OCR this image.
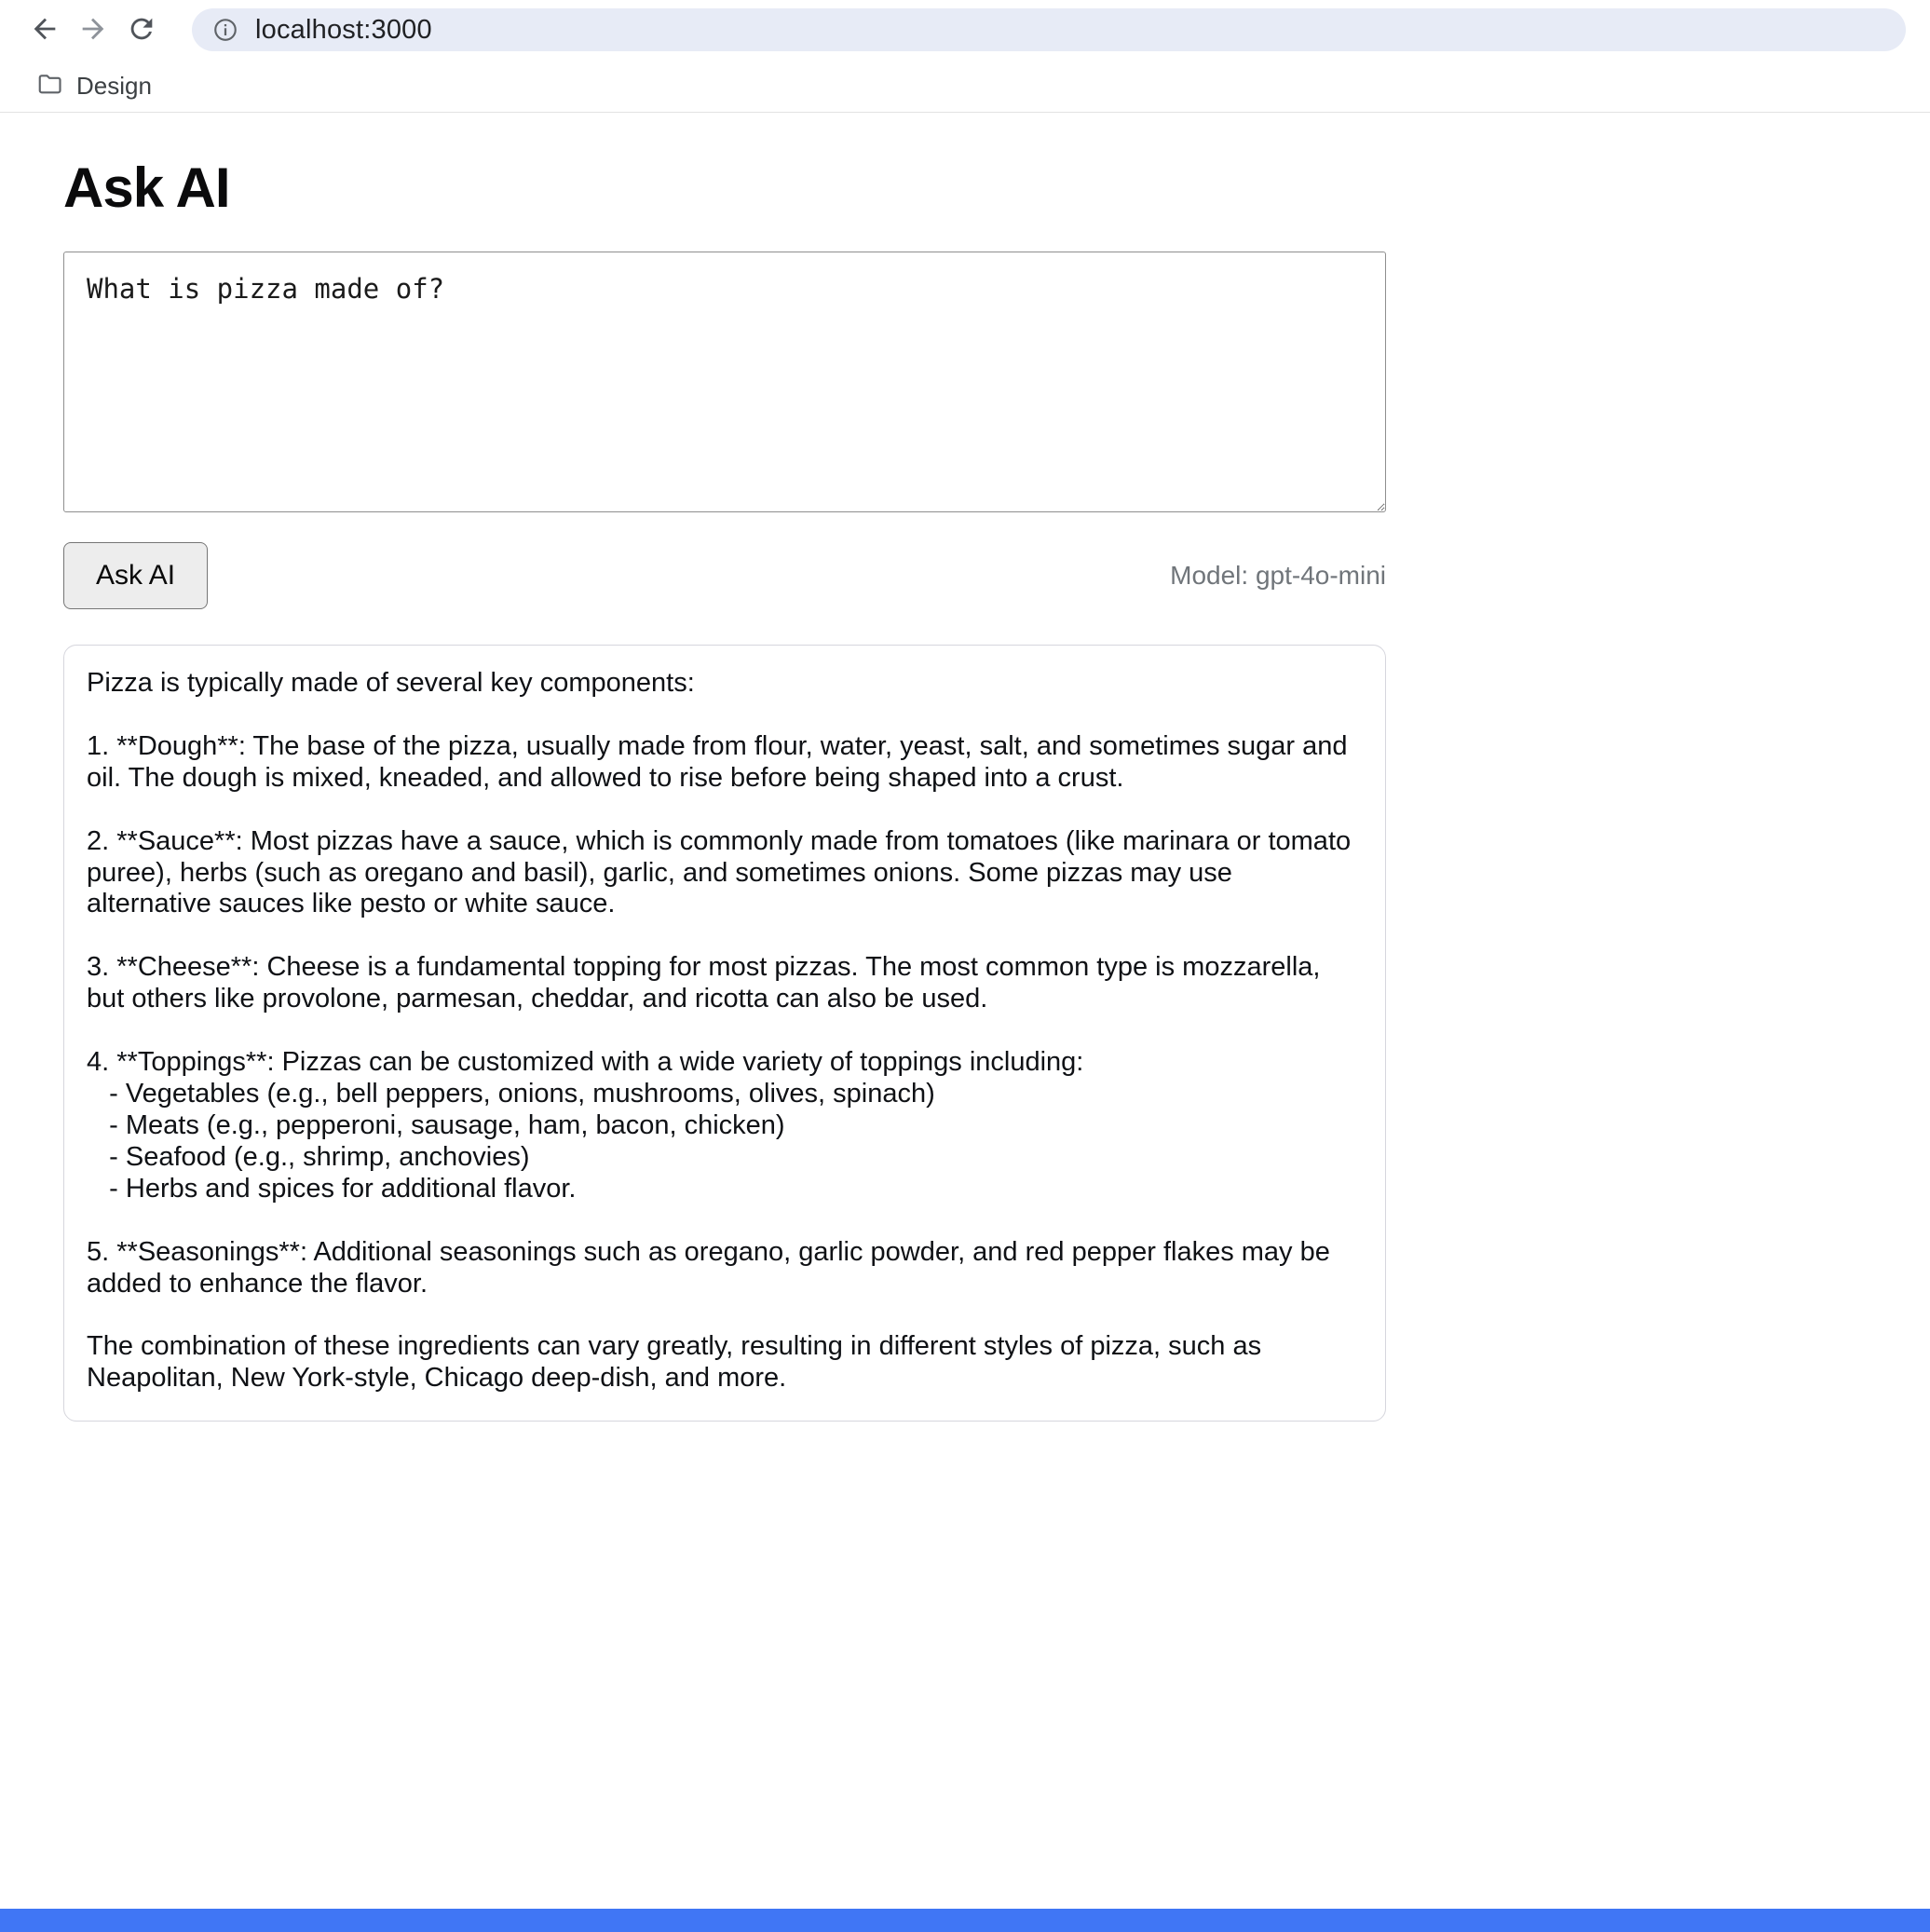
localhost:3000
Design
Ask AI
What is pizza made of?
Ask AI	Model: gpt-4o-mini
Pizza is typically made of several key components:

1. **Dough**: The base of the pizza, usually made from flour, water, yeast, salt, and sometimes sugar and oil. The dough is mixed, kneaded, and allowed to rise before being shaped into a crust.

2. **Sauce**: Most pizzas have a sauce, which is commonly made from tomatoes (like marinara or tomato puree), herbs (such as oregano and basil), garlic, and sometimes onions. Some pizzas may use alternative sauces like pesto or white sauce.

3. **Cheese**: Cheese is a fundamental topping for most pizzas. The most common type is mozzarella, but others like provolone, parmesan, cheddar, and ricotta can also be used.

4. **Toppings**: Pizzas can be customized with a wide variety of toppings including:
- Vegetables (e.g., bell peppers, onions, mushrooms, olives, spinach)
- Meats (e.g., pepperoni, sausage, ham, bacon, chicken)
- Seafood (e.g., shrimp, anchovies)
- Herbs and spices for additional flavor.

5. **Seasonings**: Additional seasonings such as oregano, garlic powder, and red pepper flakes may be added to enhance the flavor.

The combination of these ingredients can vary greatly, resulting in different styles of pizza, such as Neapolitan, New York-style, Chicago deep-dish, and more.
